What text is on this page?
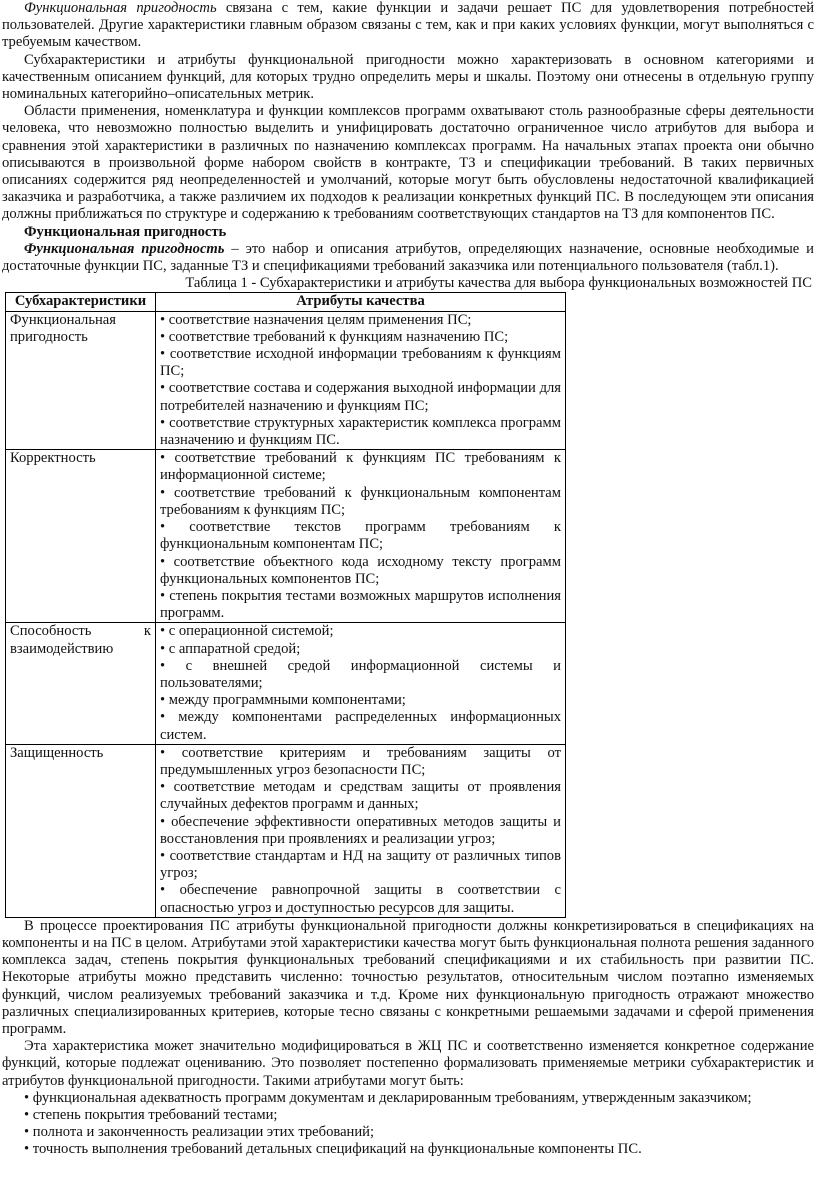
Функциональная пригодность связана с тем, какие функции и задачи решает ПС для удовлетворения потребностей пользователей. Другие характеристики главным образом связаны с тем, как и при каких условиях функции, могут выполняться с требуемым качеством.

Субхарактеристики и атрибуты функциональной пригодности можно характеризовать в основном категориями и качественным описанием функций, для которых трудно определить меры и шкалы. Поэтому они отнесены в отдельную группу номинальных категорийно–описательных метрик.

Области применения, номенклатура и функции комплексов программ охватывают столь разнообразные сферы деятельности человека, что невозможно полностью выделить и унифицировать достаточно ограниченное число атрибутов для выбора и сравнения этой характеристики в различных по назначению комплексах программ. На начальных этапах проекта они обычно описываются в произвольной форме набором свойств в контракте, ТЗ и спецификации требований. В таких первичных описаниях содержится ряд неопределенностей и умолчаний, которые могут быть обусловлены недостаточной квалификацией заказчика и разработчика, а также различием их подходов к реализации конкретных функций ПС. В последующем эти описания должны приближаться по структуре и содержанию к требованиям соответствующих стандартов на ТЗ для компонентов ПС.

Функциональная пригодность

Функциональная пригодность – это набор и описания атрибутов, определяющих назначение, основные необходимые и достаточные функции ПС, заданные ТЗ и спецификациями требований заказчика или потенциального пользователя (табл.1).

Таблица 1 - Субхарактеристики и атрибуты качества для выбора функциональных возможностей ПС

Субхарактеристики	Атрибуты качества
Функциональная пригодность	• соответствие назначения целям применения ПС;

• соответствие требований к функциям назначению ПС;

• соответствие исходной информации требованиям к функциям ПС;

• соответствие состава и содержания выходной информации для потребителей назначению и функциям ПС;

• соответствие структурных характеристик комплекса программ назначению и функциям ПС.

Корректность	• соответствие требований к функциям ПС требованиям к информационной системе;

• соответствие требований к функциональным компонентам требованиям к функциям ПС;

• соответствие текстов программ требованиям к функциональным компонентам ПС;

• соответствие объектного кода исходному тексту программ функциональных компонентов ПС;

• степень покрытия тестами возможных маршрутов исполнения программ.

Способность к взаимодействию	• с операционной системой;

• с аппаратной средой;

• с внешней средой информационной системы и пользователями;

• между программными компонентами;

• между компонентами распределенных информационных систем.

Защищенность	• соответствие критериям и требованиям защиты от предумышленных угроз безопасности ПС;

• соответствие методам и средствам защиты от проявления случайных дефектов программ и данных;

• обеспечение эффективности оперативных методов защиты и восстановления при проявлениях и реализации угроз;

• соответствие стандартам и НД на защиту от различных типов угроз;

• обеспечение равнопрочной защиты в соответствии с опасностью угроз и доступностью ресурсов для защиты.

В процессе проектирования ПС атрибуты функциональной пригодности должны конкретизироваться в спецификациях на компоненты и на ПС в целом. Атрибутами этой характеристики качества могут быть функциональная полнота решения заданного комплекса задач, степень покрытия функциональных требований спецификациями и их стабильность при развитии ПС. Некоторые атрибуты можно представить численно: точностью результатов, относительным числом поэтапно изменяемых функций, числом реализуемых требований заказчика и т.д. Кроме них функциональную пригодность отражают множество различных специализированных критериев, которые тесно связаны с конкретными решаемыми задачами и сферой применения программ.

Эта характеристика может значительно модифицироваться в ЖЦ ПС и соответственно изменяется конкретное содержание функций, которые подлежат оцениванию. Это позволяет постепенно формализовать применяемые метрики субхарактеристик и атрибутов функциональной пригодности. Такими атрибутами могут быть:

• функциональная адекватность программ документам и декларированным требованиям, утвержденным заказчиком;

• степень покрытия требований тестами;

• полнота и законченность реализации этих требований;

• точность выполнения требований детальных спецификаций на функциональные компоненты ПС.
